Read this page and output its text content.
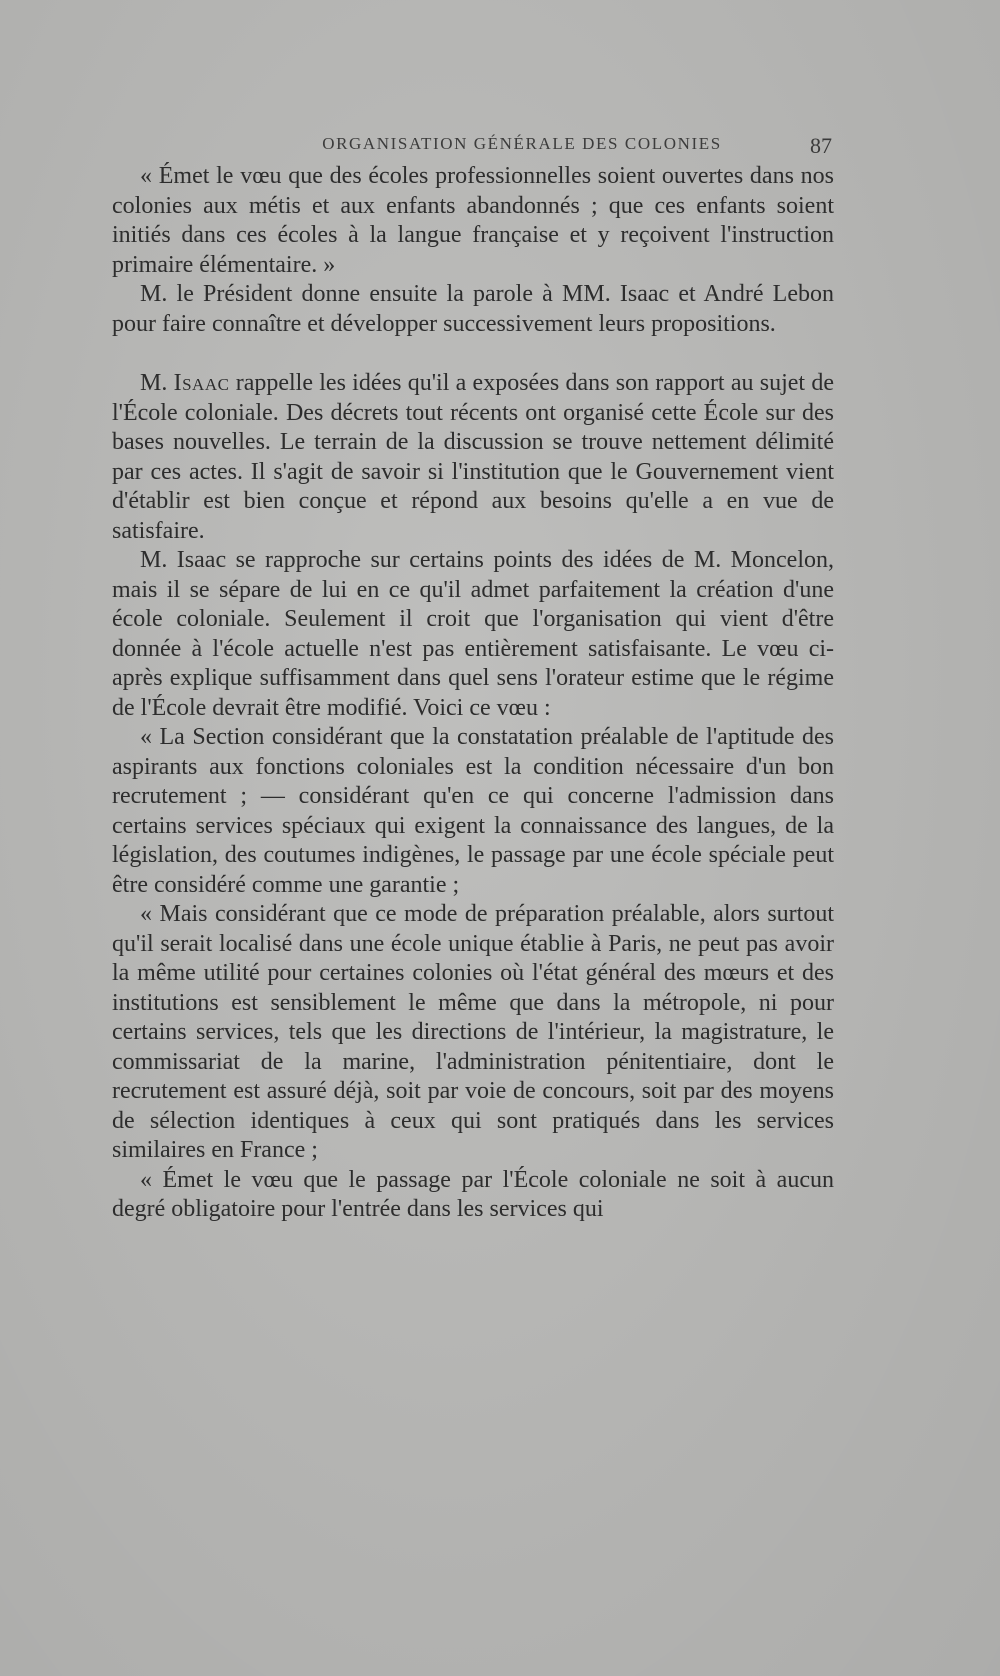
ORGANISATION GÉNÉRALE DES COLONIES	87

« Émet le vœu que des écoles professionnelles soient ouvertes dans nos colonies aux métis et aux enfants abandonnés ; que ces enfants soient initiés dans ces écoles à la langue française et y reçoivent l'instruction primaire élémentaire. »

M. le Président donne ensuite la parole à MM. Isaac et André Lebon pour faire connaître et développer successivement leurs propositions.

M. Isaac rappelle les idées qu'il a exposées dans son rapport au sujet de l'École coloniale. Des décrets tout récents ont organisé cette École sur des bases nouvelles. Le terrain de la discussion se trouve nettement délimité par ces actes. Il s'agit de savoir si l'institution que le Gouvernement vient d'établir est bien conçue et répond aux besoins qu'elle a en vue de satisfaire.

M. Isaac se rapproche sur certains points des idées de M. Moncelon, mais il se sépare de lui en ce qu'il admet parfaitement la création d'une école coloniale. Seulement il croit que l'organisation qui vient d'être donnée à l'école actuelle n'est pas entièrement satisfaisante. Le vœu ci-après explique suffisamment dans quel sens l'orateur estime que le régime de l'École devrait être modifié. Voici ce vœu :

« La Section considérant que la constatation préalable de l'aptitude des aspirants aux fonctions coloniales est la condition nécessaire d'un bon recrutement ; — considérant qu'en ce qui concerne l'admission dans certains services spéciaux qui exigent la connaissance des langues, de la législation, des coutumes indigènes, le passage par une école spéciale peut être considéré comme une garantie ;

« Mais considérant que ce mode de préparation préalable, alors surtout qu'il serait localisé dans une école unique établie à Paris, ne peut pas avoir la même utilité pour certaines colonies où l'état général des mœurs et des institutions est sensiblement le même que dans la métropole, ni pour certains services, tels que les directions de l'intérieur, la magistrature, le commissariat de la marine, l'administration pénitentiaire, dont le recrutement est assuré déjà, soit par voie de concours, soit par des moyens de sélection identiques à ceux qui sont pratiqués dans les services similaires en France ;

« Émet le vœu que le passage par l'École coloniale ne soit à aucun degré obligatoire pour l'entrée dans les services qui
